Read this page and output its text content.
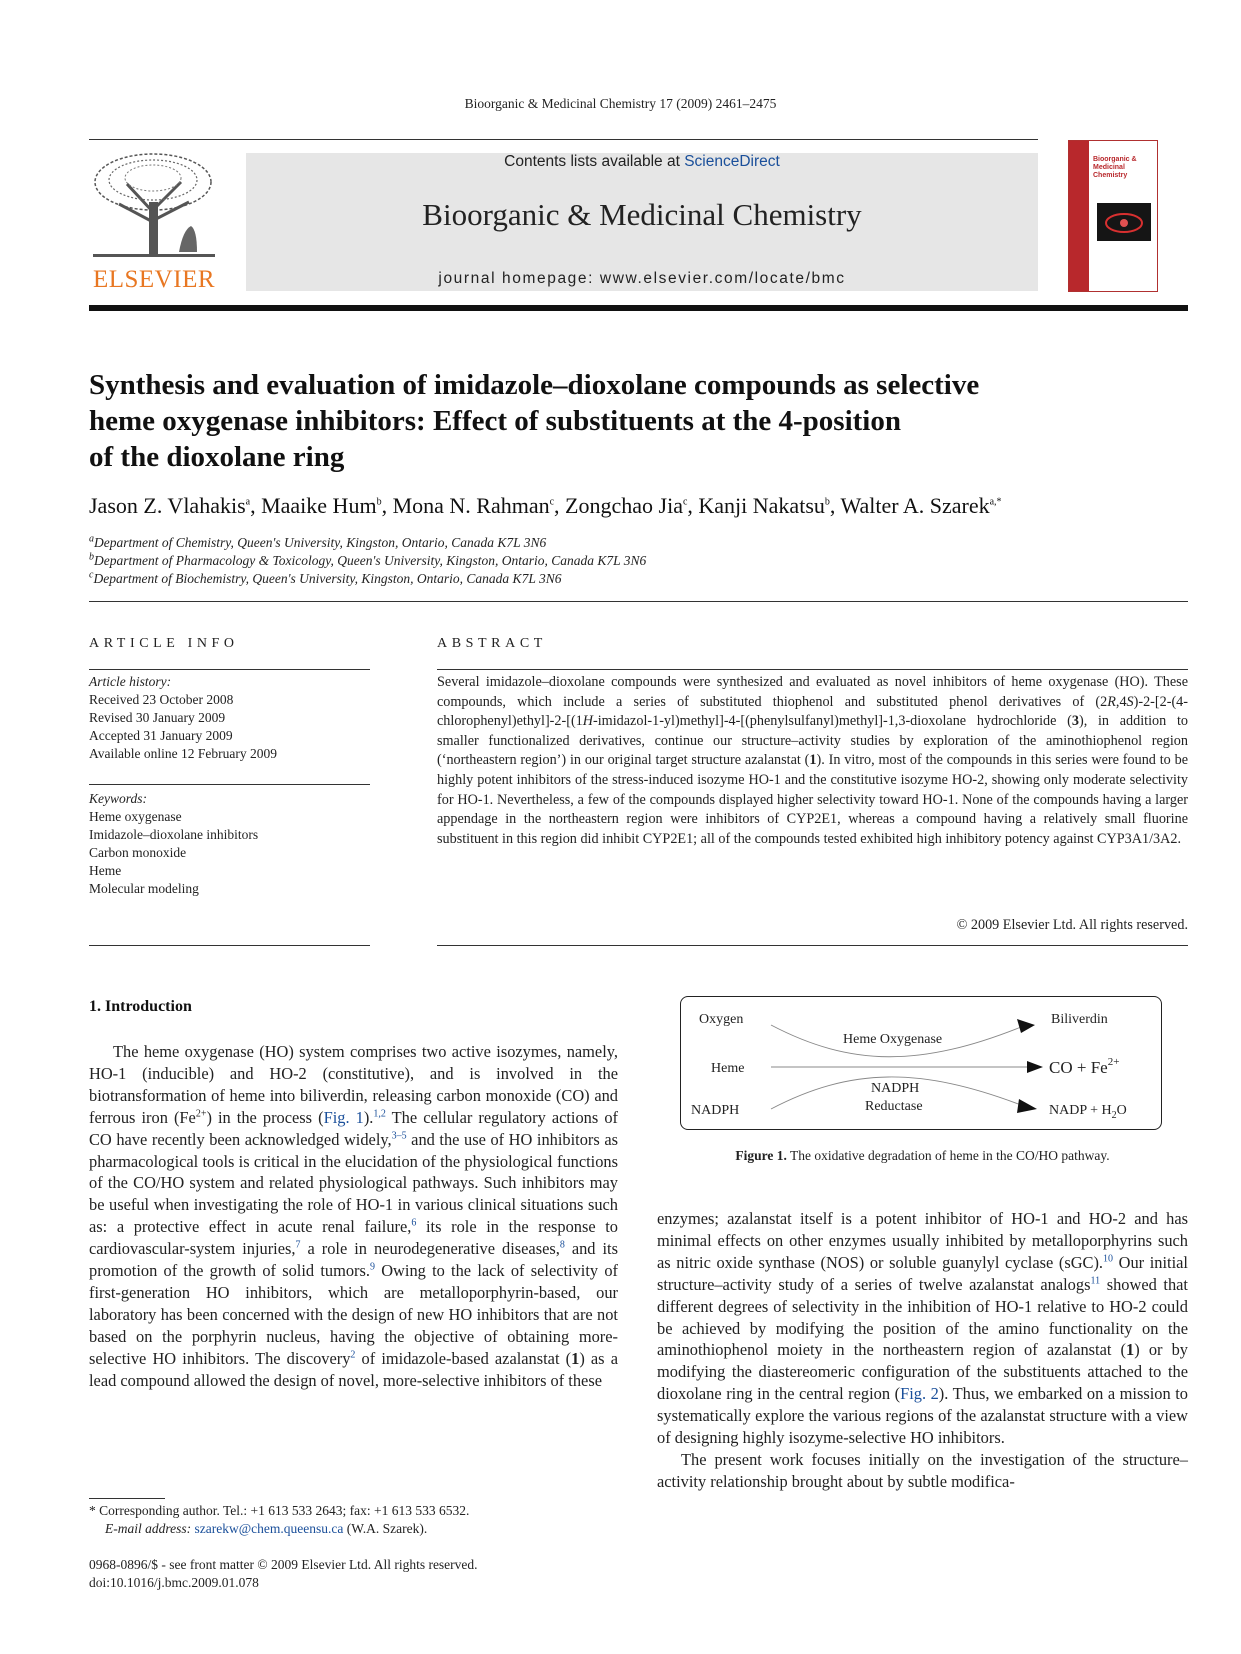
Bioorganic & Medicinal Chemistry 17 (2009) 2461–2475
ELSEVIER
Contents lists available at ScienceDirect
Bioorganic & Medicinal Chemistry
journal homepage: www.elsevier.com/locate/bmc
Bioorganic & Medicinal Chemistry
Synthesis and evaluation of imidazole–dioxolane compounds as selective
heme oxygenase inhibitors: Effect of substituents at the 4-position
of the dioxolane ring
Jason Z. Vlahakis$^a$, Maaike Hum$^b$, Mona N. Rahman$^c$, Zongchao Jia$^c$, Kanji Nakatsu$^b$, Walter A. Szarek$^{a,*}$
$^a$Department of Chemistry, Queen's University, Kingston, Ontario, Canada K7L 3N6
$^b$Department of Pharmacology & Toxicology, Queen's University, Kingston, Ontario, Canada K7L 3N6
$^c$Department of Biochemistry, Queen's University, Kingston, Ontario, Canada K7L 3N6
ARTICLE INFO	ABSTRACT
Article history:
Received 23 October 2008
Revised 30 January 2009
Accepted 31 January 2009
Available online 12 February 2009
Keywords:
Heme oxygenase
Imidazole–dioxolane inhibitors
Carbon monoxide
Heme
Molecular modeling
Several imidazole–dioxolane compounds were synthesized and evaluated as novel inhibitors of heme oxygenase (HO). These compounds, which include a series of substituted thiophenol and substituted phenol derivatives of (2R,4S)-2-[2-(4-chlorophenyl)ethyl]-2-[(1H-imidazol-1-yl)methyl]-4-[(phenylsulfanyl)methyl]-1,3-dioxolane hydrochloride (3), in addition to smaller functionalized derivatives, continue our structure–activity studies by exploration of the aminothiophenol region (‘northeastern region’) in our original target structure azalanstat (1). In vitro, most of the compounds in this series were found to be highly potent inhibitors of the stress-induced isozyme HO-1 and the constitutive isozyme HO-2, showing only moderate selectivity for HO-1. Nevertheless, a few of the compounds displayed higher selectivity toward HO-1. None of the compounds having a larger appendage in the northeastern region were inhibitors of CYP2E1, whereas a compound having a relatively small fluorine substituent in this region did inhibit CYP2E1; all of the compounds tested exhibited high inhibitory potency against CYP3A1/3A2.
© 2009 Elsevier Ltd. All rights reserved.
1. Introduction

The heme oxygenase (HO) system comprises two active isozymes, namely, HO-1 (inducible) and HO-2 (constitutive), and is involved in the biotransformation of heme into biliverdin, releasing carbon monoxide (CO) and ferrous iron $(Fe^{2+})$ in the process (Fig. 1).$^{1,2}$ The cellular regulatory actions of CO have recently been acknowledged widely,$^{3-5}$ and the use of HO inhibitors as pharmacological tools is critical in the elucidation of the physiological functions of the CO/HO system and related physiological pathways. Such inhibitors may be useful when investigating the role of HO-1 in various clinical situations such as: a protective effect in acute renal failure,$^6$ its role in the response to cardiovascular-system injuries,$^7$ a role in neurodegenerative diseases,$^8$ and its promotion of the growth of solid tumors.$^9$ Owing to the lack of selectivity of first-generation HO inhibitors, which are metalloporphyrin-based, our laboratory has been concerned with the design of new HO inhibitors that are not based on the porphyrin nucleus, having the objective of obtaining more-selective HO inhibitors. The discovery$^2$ of imidazole-based azalanstat (1) as a lead compound allowed the design of novel, more-selective inhibitors of these

Oxygen
Heme
NADPH
Heme Oxygenase
NADPH
Reductase
Biliverdin
CO + $Fe^{2+}$
NADP + $H_2O$
Figure 1. The oxidative degradation of heme in the CO/HO pathway.

enzymes; azalanstat itself is a potent inhibitor of HO-1 and HO-2 and has minimal effects on other enzymes usually inhibited by metalloporphyrins such as nitric oxide synthase (NOS) or soluble guanylyl cyclase (sGC).$^{10}$ Our initial structure–activity study of a series of twelve azalanstat analogs$^{11}$ showed that different degrees of selectivity in the inhibition of HO-1 relative to HO-2 could be achieved by modifying the position of the amino functionality on the aminothiophenol moiety in the northeastern region of azalanstat (1) or by modifying the diastereomeric configuration of the substituents attached to the dioxolane ring in the central region (Fig. 2). Thus, we embarked on a mission to systematically explore the various regions of the azalanstat structure with a view of designing highly isozyme-selective HO inhibitors.

The present work focuses initially on the investigation of the structure–activity relationship brought about by subtle modifica-

* Corresponding author. Tel.: +1 613 533 2643; fax: +1 613 533 6532.
E-mail address: szarekw@chem.queensu.ca (W.A. Szarek).
0968-0896/$ - see front matter © 2009 Elsevier Ltd. All rights reserved.
doi:10.1016/j.bmc.2009.01.078
